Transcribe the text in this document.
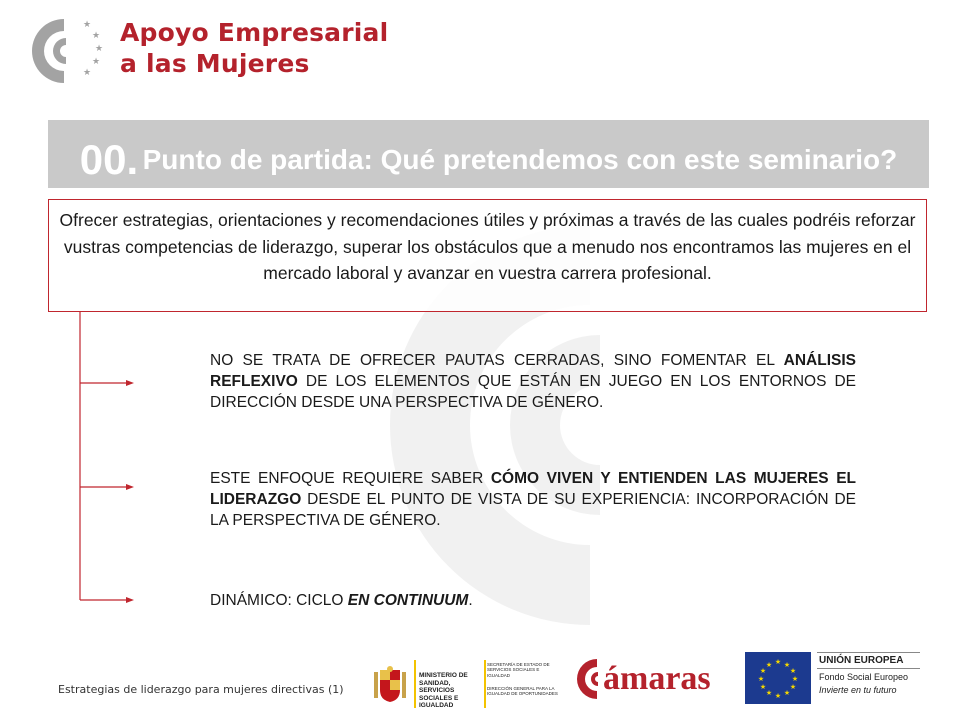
★
★
★
★
★
Apoyo Empresarial
a las Mujeres
00. Punto de partida: Qué pretendemos con este seminario?
Ofrecer estrategias, orientaciones y recomendaciones útiles y próximas a través de las cuales podréis reforzar vustras competencias de liderazgo, superar los obstáculos que a menudo nos encontramos las mujeres en el mercado laboral y avanzar en vuestra carrera profesional.
NO SE TRATA DE OFRECER PAUTAS CERRADAS, SINO FOMENTAR EL ANÁLISIS REFLEXIVO DE LOS ELEMENTOS QUE ESTÁN EN JUEGO EN LOS ENTORNOS DE DIRECCIÓN DESDE UNA PERSPECTIVA DE GÉNERO.
ESTE ENFOQUE REQUIERE SABER CÓMO VIVEN Y ENTIENDEN LAS MUJERES EL LIDERAZGO DESDE EL PUNTO DE VISTA DE SU EXPERIENCIA: INCORPORACIÓN DE LA PERSPECTIVA DE GÉNERO.
DINÁMICO: CICLO EN CONTINUUM.
Estrategias de liderazgo para mujeres directivas (1)
MINISTERIO DE SANIDAD, SERVICIOS SOCIALES E IGUALDAD
SECRETARÍA DE ESTADO DE SERVICIOS SOCIALES E IGUALDAD
DIRECCIÓN GENERAL PARA LA IGUALDAD DE OPORTUNIDADES ámaras	★ ★
★
★
★
★
★
★
★
★
★
★	UNIÓN EUROPEA
Fondo Social Europeo
Invierte en tu futuro
